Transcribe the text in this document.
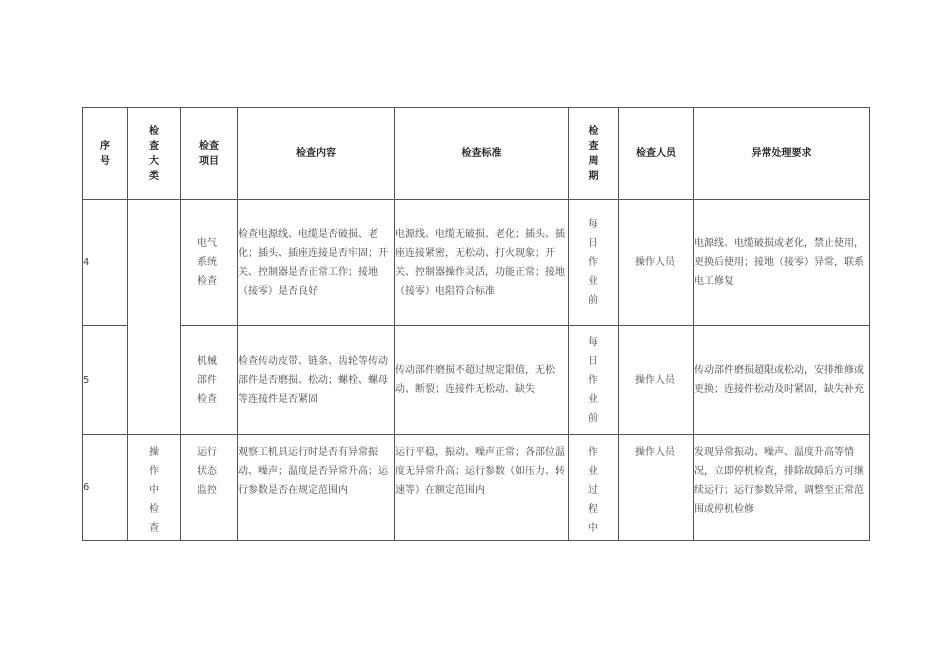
序号	检查大类	检查项目	检查内容	检查标准	检查周期	检查人员	异常处理要求
4		电气系统检查	检查电源线、电缆是否破损、老化；插头、插座连接是否牢固；开关、控制器是否正常工作；接地（接零）是否良好	电源线、电缆无破损、老化；插头、插座连接紧密，无松动、打火现象；开关、控制器操作灵活，功能正常；接地（接零）电阻符合标准	每日作业前	操作人员	电源线、电缆破损或老化，禁止使用，更换后使用；接地（接零）异常，联系电工修复
5		机械部件检查	检查传动皮带、链条、齿轮等传动部件是否磨损、松动；螺栓、螺母等连接件是否紧固	传动部件磨损不超过规定限值，无松动、断裂；连接件无松动、缺失	每日作业前	操作人员	传动部件磨损超限或松动，安排维修或更换；连接件松动及时紧固，缺失补充
6	操作中检查	运行状态监控	观察工机具运行时是否有异常振动、噪声；温度是否异常升高；运行参数是否在规定范围内	运行平稳，振动、噪声正常；各部位温度无异常升高；运行参数（如压力、转速等）在额定范围内	作业过程中	操作人员	发现异常振动、噪声、温度升高等情况，立即停机检查，排除故障后方可继续运行；运行参数异常，调整至正常范围或停机检修
